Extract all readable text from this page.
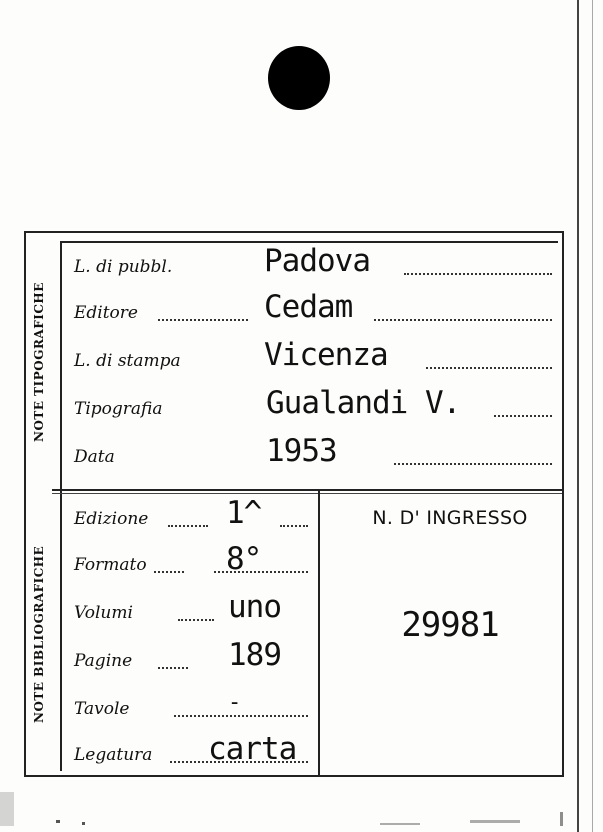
NOTE TIPOGRAFICHE
NOTE BIBLIOGRAFICHE
L. di pubbl.	Padova
Editore	Cedam
L. di stampa	Vicenza
Tipografia	Gualandi V.
Data	1953
Edizione	1^
Formato	8°
Volumi	uno
Pagine	189
Tavole	-
Legatura carta
N. D' INGRESSO
29981
